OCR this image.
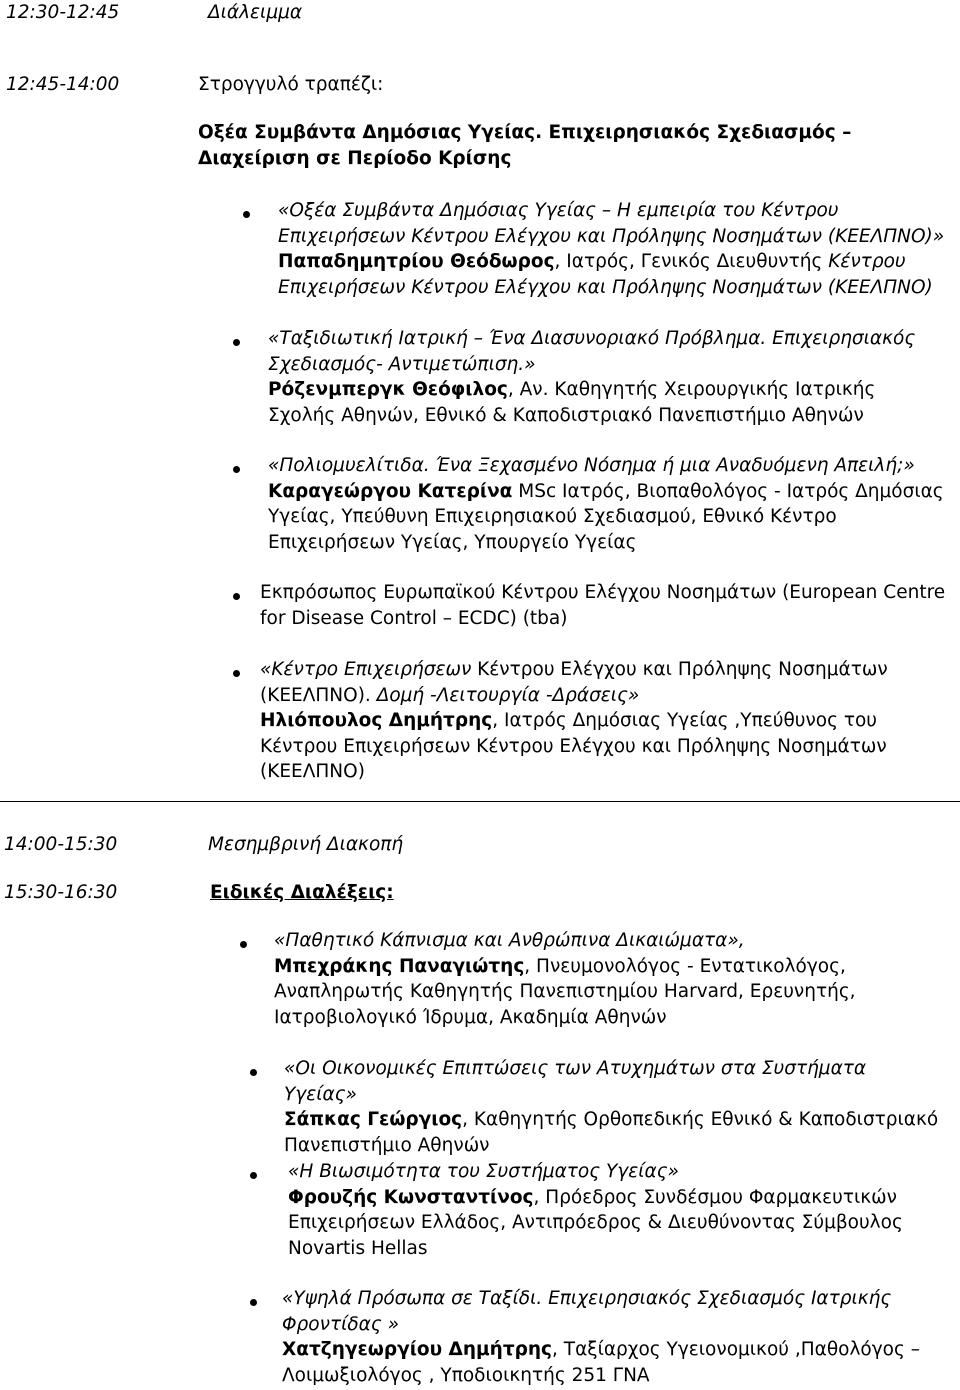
12:30-12:45	Διάλειμμα
12:45-14:00	Στρογγυλό τραπέζι:
Οξέα Συμβάντα Δημόσιας Υγείας. Επιχειρησιακός Σχεδιασμός –
Διαχείριση σε Περίοδο Κρίσης

«Οξέα Συμβάντα Δημόσιας Υγείας – Η εμπειρία του Κέντρου Επιχειρήσεων Κέντρου Ελέγχου και Πρόληψης Νοσημάτων (ΚΕΕΛΠΝΟ)» Παπαδημητρίου Θεόδωρος, Ιατρός, Γενικός Διευθυντής Κέντρου Επιχειρήσεων Κέντρου Ελέγχου και Πρόληψης Νοσημάτων (ΚΕΕΛΠΝΟ)

«Ταξιδιωτική Ιατρική – Ένα Διασυνοριακό Πρόβλημα. Επιχειρησιακός Σχεδιασμός- Αντιμετώπιση.»
Ρόζενμπεργκ Θεόφιλος, Αν. Καθηγητής Χειρουργικής Ιατρικής Σχολής Αθηνών, Εθνικό & Καποδιστριακό Πανεπιστήμιο Αθηνών

«Πολιομυελίτιδα. Ένα Ξεχασμένο Νόσημα ή μια Αναδυόμενη Απειλή;»
Καραγεώργου Κατερίνα MSc Ιατρός, Βιοπαθολόγος - Ιατρός Δημόσιας Υγείας, Υπεύθυνη Επιχειρησιακού Σχεδιασμού, Εθνικό Κέντρο Επιχειρήσεων Υγείας, Υπουργείο Υγείας

Εκπρόσωπος Ευρωπαϊκού Κέντρου Ελέγχου Νοσημάτων (European Centre for Disease Control – ECDC) (tba)

«Κέντρο Επιχειρήσεων Κέντρου Ελέγχου και Πρόληψης Νοσημάτων (ΚΕΕΛΠΝΟ). Δομή -Λειτουργία -Δράσεις»
Ηλιόπουλος Δημήτρης, Ιατρός Δημόσιας Υγείας ,Υπεύθυνος του Κέντρου Επιχειρήσεων Κέντρου Ελέγχου και Πρόληψης Νοσημάτων (ΚΕΕΛΠΝΟ)

14:00-15:30	Μεσημβρινή Διακοπή
15:30-16:30	Ειδικές Διαλέξεις:

«Παθητικό Κάπνισμα και Ανθρώπινα Δικαιώματα»,
Μπεχράκης Παναγιώτης, Πνευμονολόγος - Εντατικολόγος, Αναπληρωτής Καθηγητής Πανεπιστημίου Harvard, Ερευνητής, Ιατροβιολογικό Ίδρυμα, Ακαδημία Αθηνών

«Οι Οικονομικές Επιπτώσεις των Ατυχημάτων στα Συστήματα Υγείας»
Σάπκας Γεώργιος, Καθηγητής Ορθοπεδικής Εθνικό & Καποδιστριακό Πανεπιστήμιο Αθηνών

«Η Βιωσιμότητα του Συστήματος Υγείας»
Φρουζής Κωνσταντίνος, Πρόεδρος Συνδέσμου Φαρμακευτικών Επιχειρήσεων Ελλάδος, Αντιπρόεδρος & Διευθύνοντας Σύμβουλος Novartis Hellas

«Υψηλά Πρόσωπα σε Ταξίδι. Επιχειρησιακός Σχεδιασμός Ιατρικής Φροντίδας »
Χατζηγεωργίου Δημήτρης, Ταξίαρχος Υγειονομικού ,Παθολόγος – Λοιμωξιολόγος , Υποδιοικητής 251 ΓΝΑ
